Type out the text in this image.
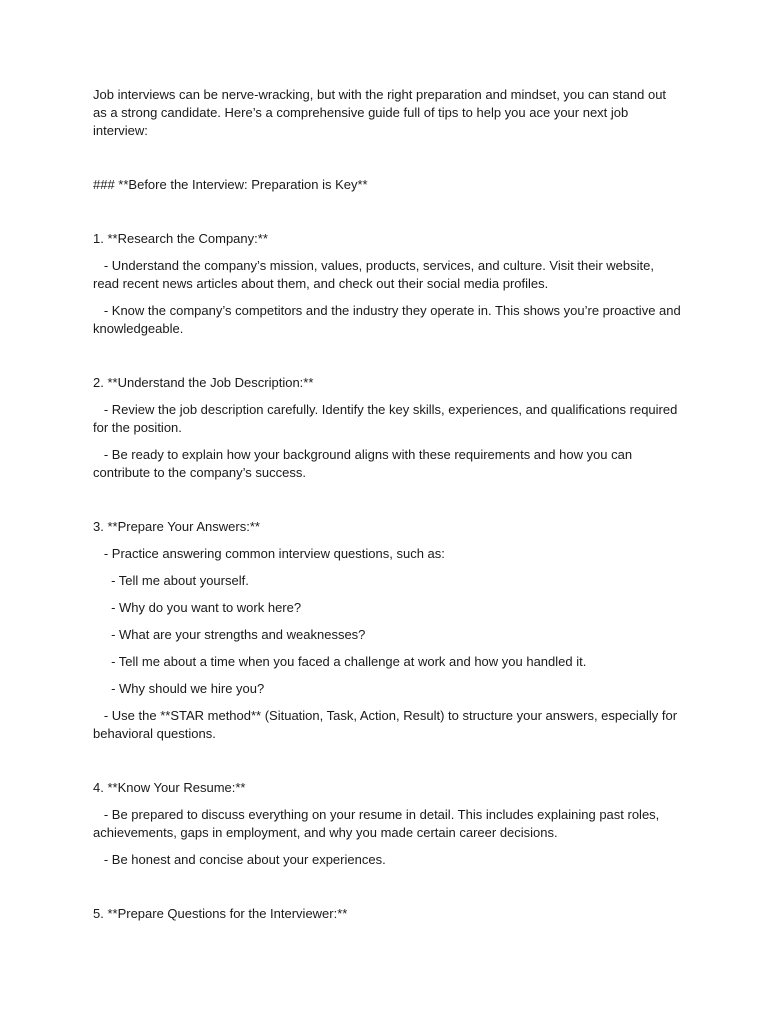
Job interviews can be nerve-wracking, but with the right preparation and mindset, you can stand out as a strong candidate. Here’s a comprehensive guide full of tips to help you ace your next job interview:

### **Before the Interview: Preparation is Key**

1. **Research the Company:**

- Understand the company’s mission, values, products, services, and culture. Visit their website, read recent news articles about them, and check out their social media profiles.

- Know the company’s competitors and the industry they operate in. This shows you’re proactive and knowledgeable.

2. **Understand the Job Description:**

- Review the job description carefully. Identify the key skills, experiences, and qualifications required for the position.

- Be ready to explain how your background aligns with these requirements and how you can contribute to the company’s success.

3. **Prepare Your Answers:**

- Practice answering common interview questions, such as:

- Tell me about yourself.

- Why do you want to work here?

- What are your strengths and weaknesses?

- Tell me about a time when you faced a challenge at work and how you handled it.

- Why should we hire you?

- Use the **STAR method** (Situation, Task, Action, Result) to structure your answers, especially for behavioral questions.

4. **Know Your Resume:**

- Be prepared to discuss everything on your resume in detail. This includes explaining past roles, achievements, gaps in employment, and why you made certain career decisions.

- Be honest and concise about your experiences.

5. **Prepare Questions for the Interviewer:**
